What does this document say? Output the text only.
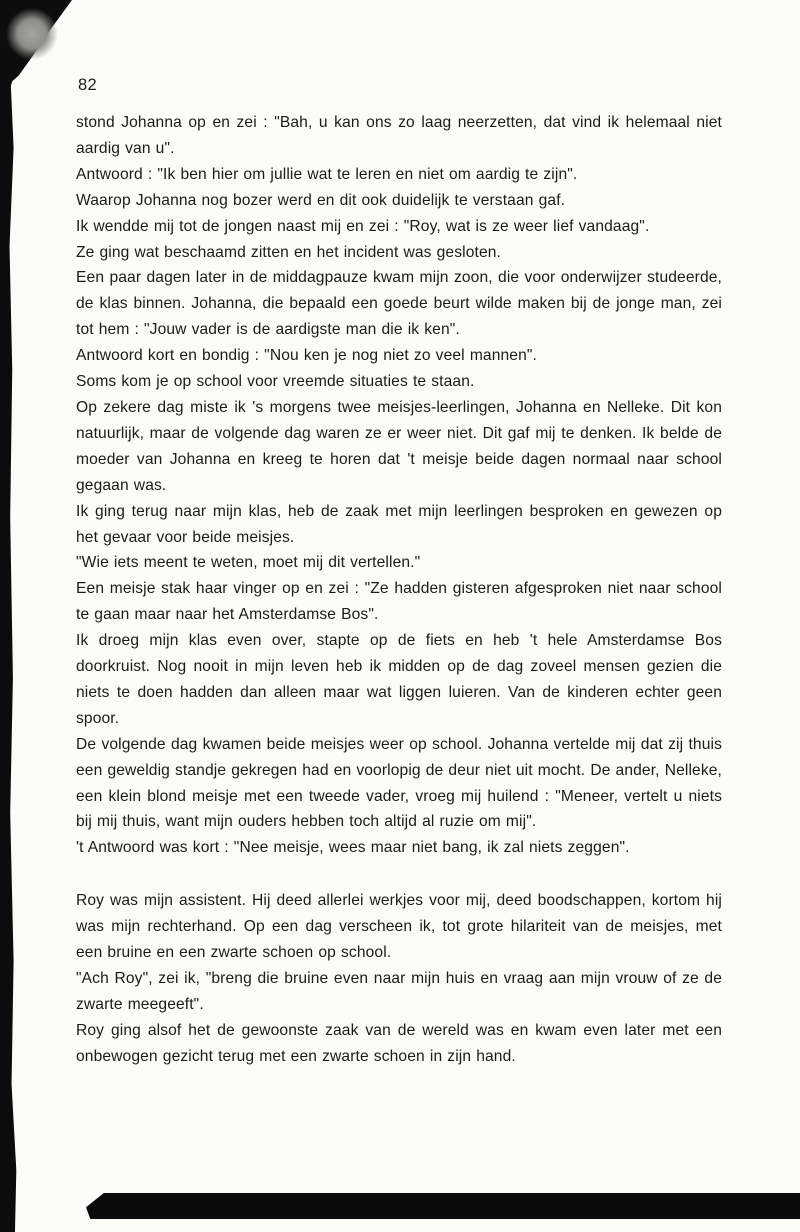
82

stond Johanna op en zei : "Bah, u kan ons zo laag neerzetten, dat vind ik helemaal niet aardig van u".

Antwoord : "Ik ben hier om jullie wat te leren en niet om aardig te zijn".

Waarop Johanna nog bozer werd en dit ook duidelijk te verstaan gaf.

Ik wendde mij tot de jongen naast mij en zei : "Roy, wat is ze weer lief vandaag".

Ze ging wat beschaamd zitten en het incident was gesloten.

Een paar dagen later in de middagpauze kwam mijn zoon, die voor onderwijzer studeerde, de klas binnen. Johanna, die bepaald een goede beurt wilde maken bij de jonge man, zei tot hem : "Jouw vader is de aardigste man die ik ken".

Antwoord kort en bondig : "Nou ken je nog niet zo veel mannen".

Soms kom je op school voor vreemde situaties te staan.

Op zekere dag miste ik 's morgens twee meisjes-leerlingen, Johanna en Nelleke. Dit kon natuurlijk, maar de volgende dag waren ze er weer niet. Dit gaf mij te denken. Ik belde de moeder van Johanna en kreeg te horen dat 't meisje beide dagen normaal naar school gegaan was.

Ik ging terug naar mijn klas, heb de zaak met mijn leerlingen besproken en gewezen op het gevaar voor beide meisjes.

"Wie iets meent te weten, moet mij dit vertellen."

Een meisje stak haar vinger op en zei : "Ze hadden gisteren afgesproken niet naar school te gaan maar naar het Amsterdamse Bos".

Ik droeg mijn klas even over, stapte op de fiets en heb 't hele Amsterdamse Bos doorkruist. Nog nooit in mijn leven heb ik midden op de dag zoveel mensen gezien die niets te doen hadden dan alleen maar wat liggen luieren. Van de kinderen echter geen spoor.

De volgende dag kwamen beide meisjes weer op school. Johanna vertelde mij dat zij thuis een geweldig standje gekregen had en voorlopig de deur niet uit mocht. De ander, Nelleke, een klein blond meisje met een tweede vader, vroeg mij huilend : "Meneer, vertelt u niets bij mij thuis, want mijn ouders hebben toch altijd al ruzie om mij".

't Antwoord was kort : "Nee meisje, wees maar niet bang, ik zal niets zeggen".

Roy was mijn assistent. Hij deed allerlei werkjes voor mij, deed boodschappen, kortom hij was mijn rechterhand. Op een dag verscheen ik, tot grote hilariteit van de meisjes, met een bruine en een zwarte schoen op school.

"Ach Roy", zei ik, "breng die bruine even naar mijn huis en vraag aan mijn vrouw of ze de zwarte meegeeft".

Roy ging alsof het de gewoonste zaak van de wereld was en kwam even later met een onbewogen gezicht terug met een zwarte schoen in zijn hand.
